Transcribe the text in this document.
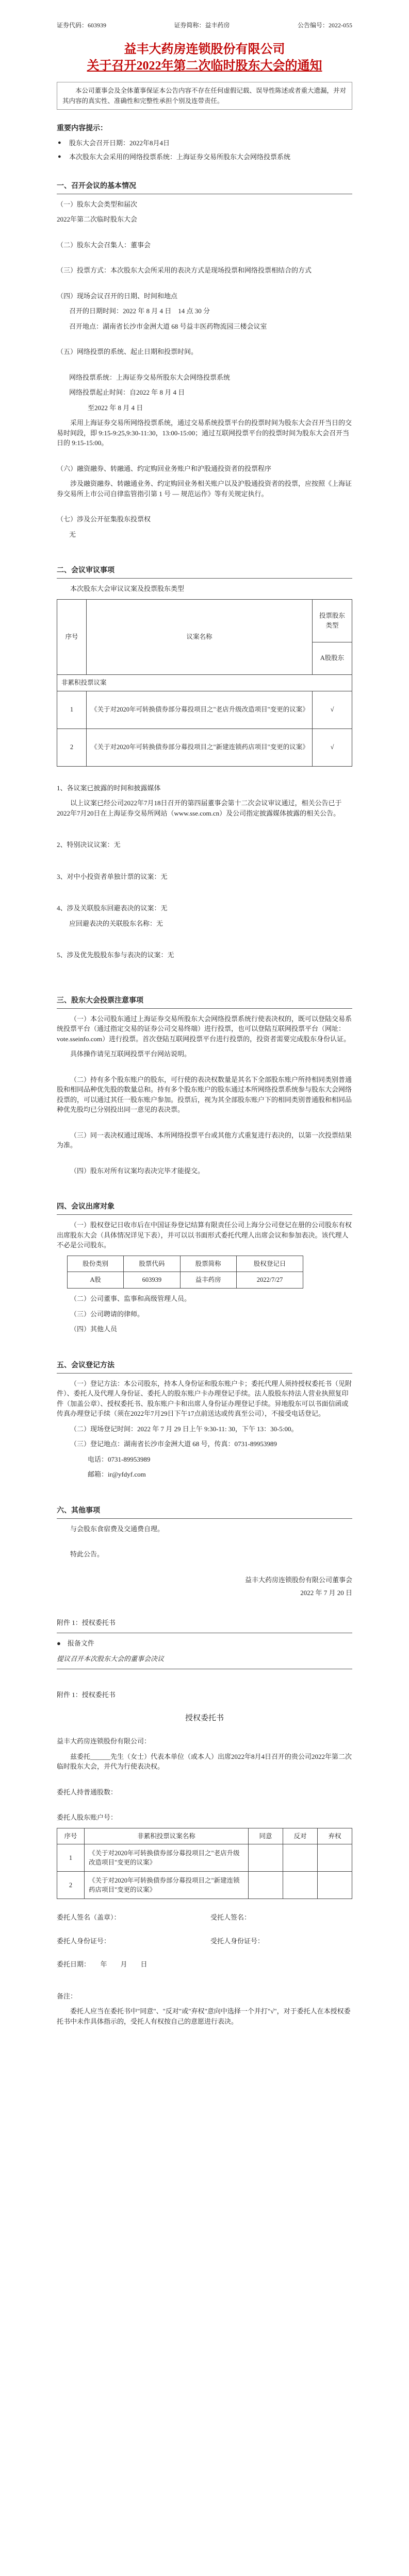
证券代码：603939	证券简称：益丰药房	公告编号：2022-055
益丰大药房连锁股份有限公司
关于召开2022年第二次临时股东大会的通知
本公司董事会及全体董事保证本公告内容不存在任何虚假记载、误导性陈述或者重大遗漏，并对其内容的真实性、准确性和完整性承担个别及连带责任。
重要内容提示：
● 股东大会召开日期：2022年8月4日
● 本次股东大会采用的网络投票系统：上海证券交易所股东大会网络投票系统
一、召开会议的基本情况
（一）股东大会类型和届次
2022年第二次临时股东大会
（二）股东大会召集人：董事会
（三）投票方式：本次股东大会所采用的表决方式是现场投票和网络投票相结合的方式
（四）现场会议召开的日期、时间和地点
召开的日期时间：2022 年 8 月 4 日　14 点 30 分
召开地点：湖南省长沙市金洲大道 68 号益丰医药物流园三楼会议室
（五）网络投票的系统、起止日期和投票时间。
网络投票系统：上海证券交易所股东大会网络投票系统
网络投票起止时间：自2022 年 8 月 4 日
至2022 年 8 月 4 日
采用上海证券交易所网络投票系统，通过交易系统投票平台的投票时间为股东大会召开当日的交易时间段，即 9:15-9:25,9:30-11:30，13:00-15:00；通过互联网投票平台的投票时间为股东大会召开当日的 9:15-15:00。
（六）融资融券、转融通、约定购回业务账户和沪股通投资者的投票程序
涉及融资融券、转融通业务、约定购回业务相关账户以及沪股通投资者的投票，应按照《上海证券交易所上市公司自律监管指引第 1 号 — 规范运作》等有关规定执行。
（七）涉及公开征集股东投票权
无
二、会议审议事项
本次股东大会审议议案及投票股东类型
序号	议案名称	投票股东类型
		A股股东
非累积投票议案		
1	《关于对2020年可转换债券部分募投项目之"老店升级改造项目"变更的议案》	√
2	《关于对2020年可转换债券部分募投项目之"新建连锁药店项目"变更的议案》	√
1、各议案已披露的时间和披露媒体
以上议案已经公司2022年7月18日召开的第四届董事会第十二次会议审议通过，相关公告已于2022年7月20日在上海证券交易所网站（www.sse.com.cn）及公司指定披露媒体披露的相关公告。
2、特别决议议案：无
3、对中小投资者单独计票的议案：无
4、涉及关联股东回避表决的议案：无
应回避表决的关联股东名称：无
5、涉及优先股股东参与表决的议案：无
三、股东大会投票注意事项
（一）本公司股东通过上海证券交易所股东大会网络投票系统行使表决权的，既可以登陆交易系统投票平台（通过指定交易的证券公司交易终端）进行投票，也可以登陆互联网投票平台（网址：vote.sseinfo.com）进行投票。首次登陆互联网投票平台进行投票的，投资者需要完成股东身份认证。
具体操作请见互联网投票平台网站说明。
（二）持有多个股东账户的股东，可行使的表决权数量是其名下全部股东账户所持相同类别普通股和相同品种优先股的数量总和。持有多个股东账户的股东通过本所网络投票系统参与股东大会网络投票的，可以通过其任一股东账户参加。投票后，视为其全部股东账户下的相同类别普通股和相同品种优先股均已分别投出同一意见的表决票。
（三）同一表决权通过现场、本所网络投票平台或其他方式重复进行表决的，以第一次投票结果为准。
（四）股东对所有议案均表决完毕才能提交。
四、会议出席对象
（一）股权登记日收市后在中国证券登记结算有限责任公司上海分公司登记在册的公司股东有权出席股东大会（具体情况详见下表），并可以以书面形式委托代理人出席会议和参加表决。该代理人不必是公司股东。
股份类别	股票代码	股票简称	股权登记日
A股	603939	益丰药房	2022/7/27
（二）公司董事、监事和高级管理人员。
（三）公司聘请的律师。
（四）其他人员
五、会议登记方法
（一）登记方法：本公司股东，持本人身份证和股东账户卡；委托代理人须持授权委托书（见附件）、委托人及代理人身份证、委托人的股东账户卡办理登记手续。法人股股东持法人营业执照复印件（加盖公章）、授权委托书、股东账户卡和出席人身份证办理登记手续。异地股东可以书面信函或传真办理登记手续（须在2022年7月29日下午17点前送达或传真至公司），不接受电话登记。
（二）现场登记时间：2022 年 7 月 29 日上午 9:30-11: 30，下午 13：30-5:00。
（三）登记地点：湖南省长沙市金洲大道 68 号，传真：0731-89953989
电话：0731-89953989
邮箱：ir@yfdyf.com
六、其他事项
与会股东食宿费及交通费自理。
特此公告。
益丰大药房连锁股份有限公司董事会
2022 年 7 月 20 日
附件 1：授权委托书
●　报备文件
提议召开本次股东大会的董事会决议
附件 1：授权委托书
授权委托书
益丰大药房连锁股份有限公司：
兹委托______先生（女士）代表本单位（或本人）出席2022年8月4日召开的贵公司2022年第二次临时股东大会，并代为行使表决权。
委托人持普通股数：
委托人股东账户号：
序号	非累积投票议案名称	同意	反对	弃权
1	《关于对2020年可转换债券部分募投项目之"老店升级改造项目"变更的议案》			
2	《关于对2020年可转换债券部分募投项目之"新建连锁药店项目"变更的议案》			
委托人签名（盖章）：	受托人签名：
委托人身份证号：	受托人身份证号：
委托日期：　　年　　月　　日
备注：
委托人应当在委托书中"同意"、"反对"或"弃权"意向中选择一个并打"√"，对于委托人在本授权委托书中未作具体指示的，受托人有权按自己的意愿进行表决。
